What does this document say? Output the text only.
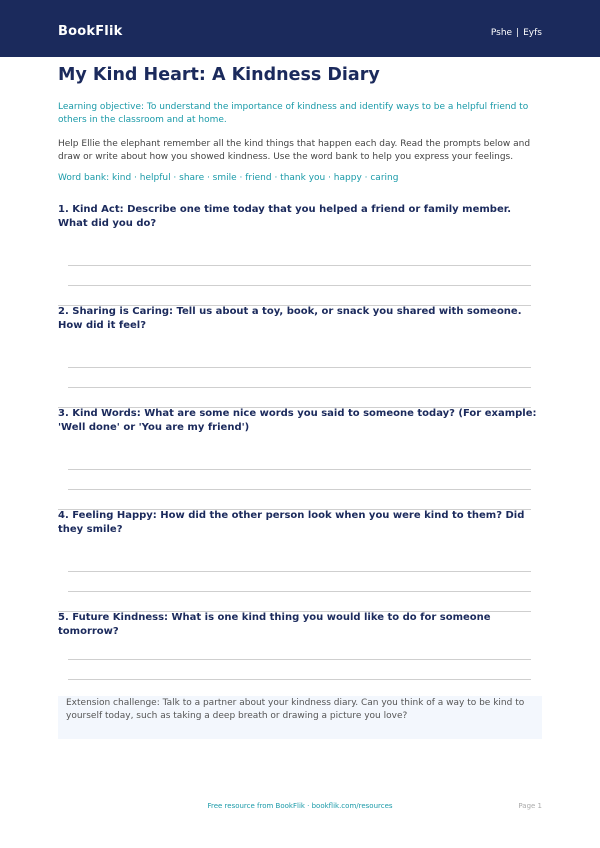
BookFlik	Pshe | Eyfs
My Kind Heart: A Kindness Diary
Learning objective: To understand the importance of kindness and identify ways to be a helpful friend to others in the classroom and at home.
Help Ellie the elephant remember all the kind things that happen each day. Read the prompts below and draw or write about how you showed kindness. Use the word bank to help you express your feelings.
Word bank: kind · helpful · share · smile · friend · thank you · happy · caring
1. Kind Act: Describe one time today that you helped a friend or family member. What did you do?
2. Sharing is Caring: Tell us about a toy, book, or snack you shared with someone. How did it feel?
3. Kind Words: What are some nice words you said to someone today? (For example: 'Well done' or 'You are my friend')
4. Feeling Happy: How did the other person look when you were kind to them? Did they smile?
5. Future Kindness: What is one kind thing you would like to do for someone tomorrow?
Extension challenge: Talk to a partner about your kindness diary. Can you think of a way to be kind to yourself today, such as taking a deep breath or drawing a picture you love?
Free resource from BookFlik · bookflik.com/resources	Page 1
